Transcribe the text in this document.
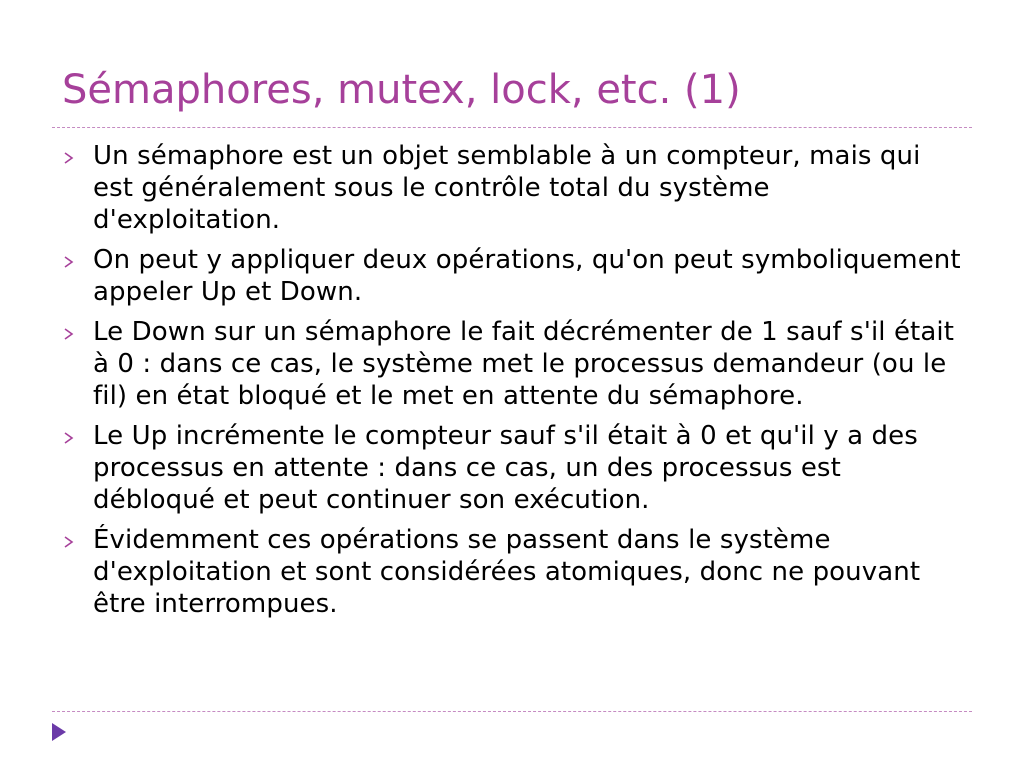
Sémaphores, mutex, lock, etc. (1)
Un sémaphore est un objet semblable à un compteur, mais qui est généralement sous le contrôle total du système d'exploitation.
On peut y appliquer deux opérations, qu'on peut symboliquement appeler Up et Down.
Le Down sur un sémaphore le fait décrémenter de 1 sauf s'il était à 0 : dans ce cas, le système met le processus demandeur (ou le fil) en état bloqué et le met en attente du sémaphore.
Le Up incrémente le compteur sauf s'il était à 0 et qu'il y a des processus en attente : dans ce cas, un des processus est débloqué et peut continuer son exécution.
Évidemment ces opérations se passent dans le système d'exploitation et sont considérées atomiques, donc ne pouvant être interrompues.
